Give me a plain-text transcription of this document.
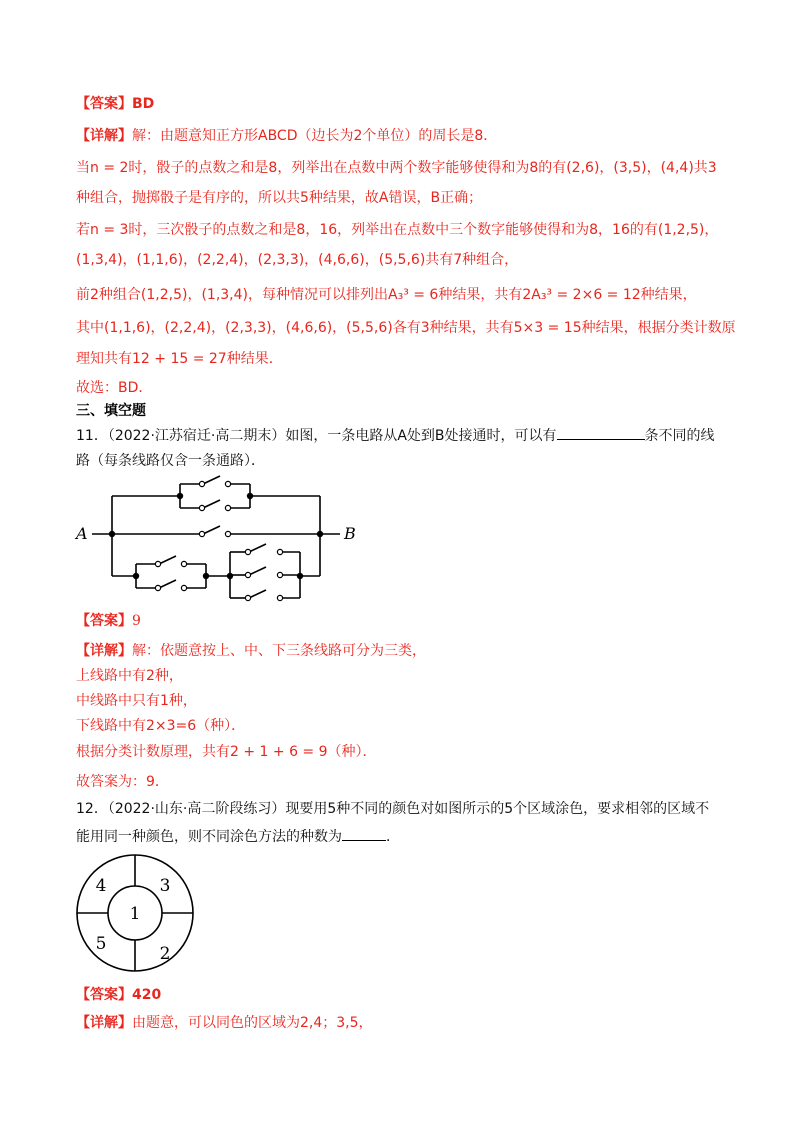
【答案】BD
【详解】解：由题意知正方形ABCD（边长为2个单位）的周长是8．
当n = 2时，骰子的点数之和是8，列举出在点数中两个数字能够使得和为8的有(2,6)，(3,5)，(4,4)共3
种组合，抛掷骰子是有序的，所以共5种结果，故A错误，B正确；
若n = 3时，三次骰子的点数之和是8，16，列举出在点数中三个数字能够使得和为8，16的有(1,2,5)，
(1,3,4)，(1,1,6)，(2,2,4)，(2,3,3)，(4,6,6)，(5,5,6)共有7种组合，
前2种组合(1,2,5)，(1,3,4)，每种情况可以排列出A₃³ = 6种结果，共有2A₃³ = 2×6 = 12种结果，
其中(1,1,6)，(2,2,4)，(2,3,3)，(4,6,6)，(5,5,6)各有3种结果，共有5×3 = 15种结果，根据分类计数原
理知共有12 + 15 = 27种结果．
故选：BD．
三、填空题
11．（2022·江苏宿迁·高二期末）如图，一条电路从A处到B处接通时，可以有	条不同的线
路（每条线路仅含一条通路）．
A	B
【答案】9
【详解】解：依题意按上、中、下三条线路可分为三类，
上线路中有2种，
中线路中只有1种，
下线路中有2×3=6（种）．
根据分类计数原理，共有2 + 1 + 6 = 9（种）．
故答案为：9．
12．（2022·山东·高二阶段练习）现要用5种不同的颜色对如图所示的5个区域涂色，要求相邻的区域不
能用同一种颜色，则不同涂色方法的种数为	．
1
2
3
4
5
【答案】420
【详解】由题意，可以同色的区域为2,4；3,5，
